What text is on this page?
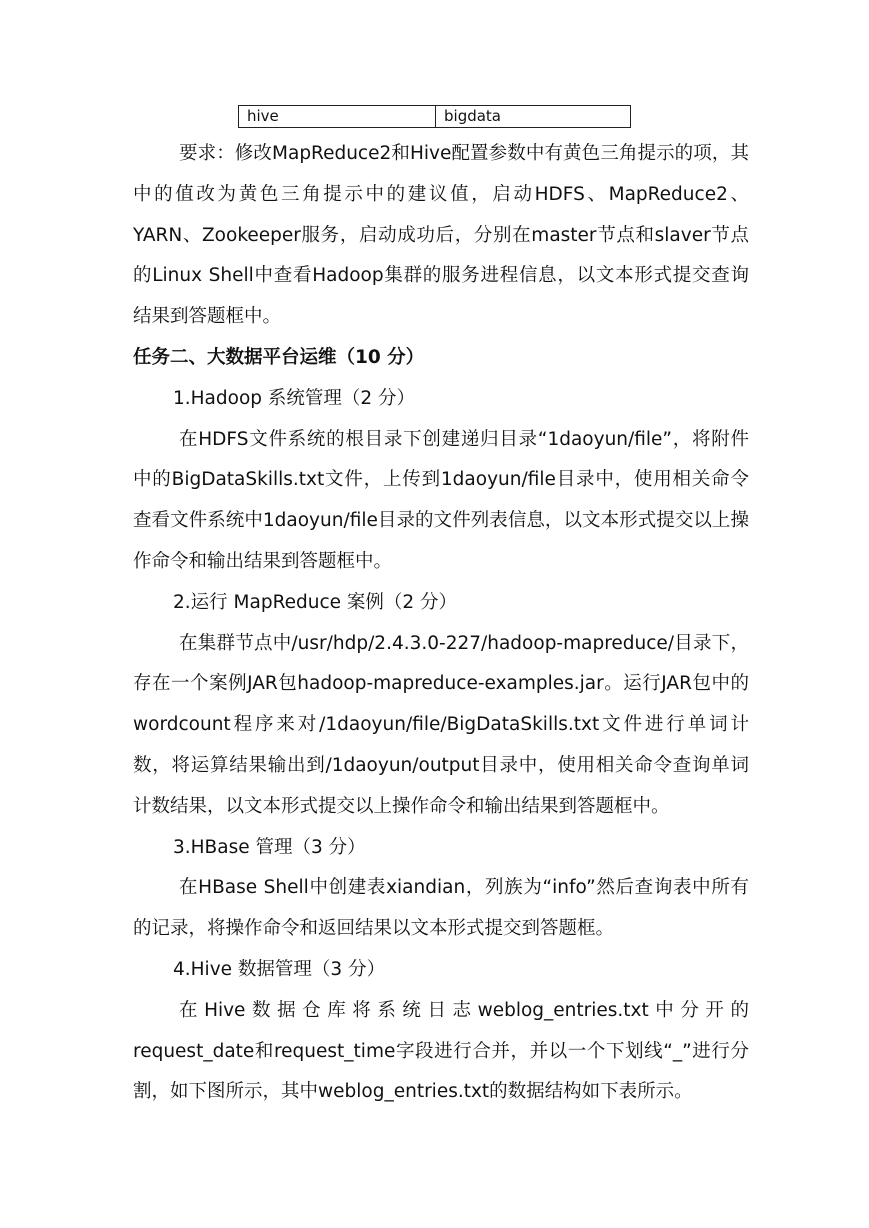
hive	bigdata

要求：修改MapReduce2和Hive配置参数中有黄色三角提示的项，其中的值改为黄色三角提示中的建议值，启动HDFS、MapReduce2、YARN、Zookeeper服务，启动成功后，分别在master节点和slaver节点的Linux Shell中查看Hadoop集群的服务进程信息，以文本形式提交查询结果到答题框中。

任务二、大数据平台运维（10 分）

1.Hadoop 系统管理（2 分）

在HDFS文件系统的根目录下创建递归目录“1daoyun/file”，将附件中的BigDataSkills.txt文件，上传到1daoyun/file目录中，使用相关命令查看文件系统中1daoyun/file目录的文件列表信息，以文本形式提交以上操作命令和输出结果到答题框中。

2.运行 MapReduce 案例（2 分）

在集群节点中/usr/hdp/2.4.3.0-227/hadoop-mapreduce/目录下，存在一个案例JAR包hadoop-mapreduce-examples.jar。运行JAR包中的wordcount程序来对/1daoyun/file/BigDataSkills.txt文件进行单词计数，将运算结果输出到/1daoyun/output目录中，使用相关命令查询单词计数结果，以文本形式提交以上操作命令和输出结果到答题框中。

3.HBase 管理（3 分）

在HBase Shell中创建表xiandian，列族为“info”然后查询表中所有的记录，将操作命令和返回结果以文本形式提交到答题框。

4.Hive 数据管理（3 分）

在Hive数据仓库将系统日志weblog_entries.txt中分开的request_date和request_time字段进行合并，并以一个下划线“_”进行分割，如下图所示，其中weblog_entries.txt的数据结构如下表所示。
